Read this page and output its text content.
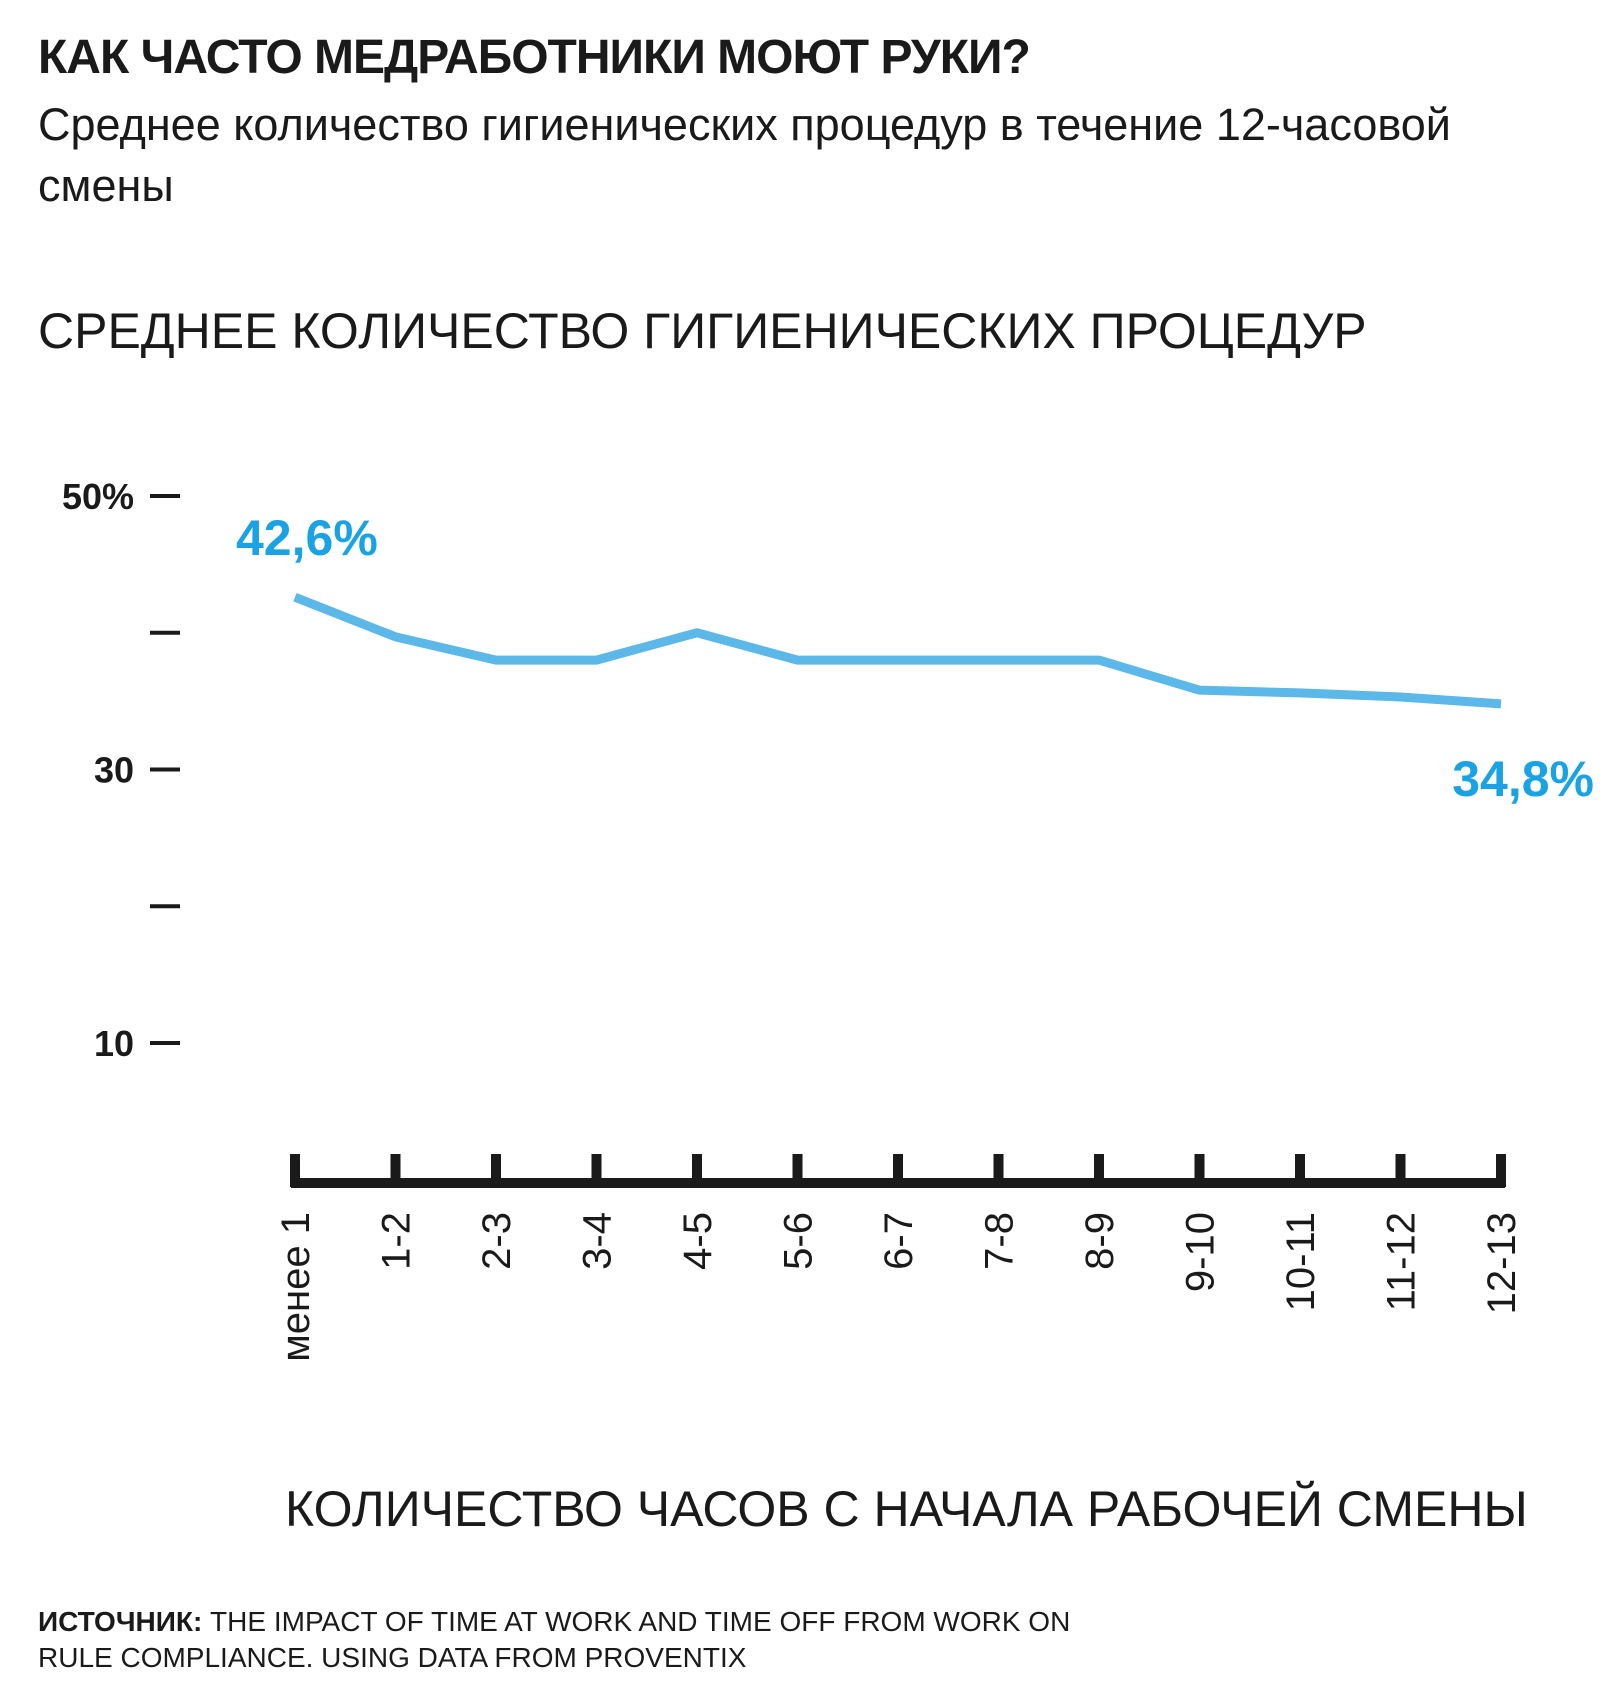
КАК ЧАСТО МЕДРАБОТНИКИ МОЮТ РУКИ?

Среднее количество гигиенических процедур в течение 12-часовой смены

СРЕДНЕЕ КОЛИЧЕСТВО ГИГИЕНИЧЕСКИХ ПРОЦЕДУР
50%
30
10
менее 1 1-2 2-3 3-4 4-5 5-6 6-7 7-8 8-9 9-10 10-11 11-12 12-13
42,6%
34,8%
КОЛИЧЕСТВО ЧАСОВ С НАЧАЛА РАБОЧЕЙ СМЕНЫ

ИСТОЧНИК: THE IMPACT OF TIME AT WORK AND TIME OFF FROM WORK ON RULE COMPLIANCE. USING DATA FROM PROVENTIX
